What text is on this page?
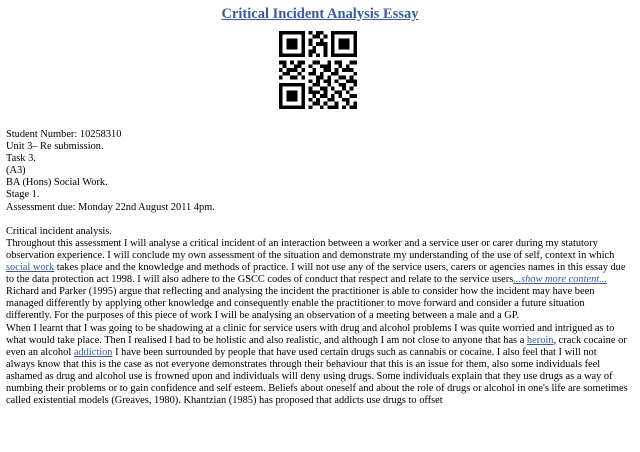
Critical Incident Analysis Essay
Student Number: 10258310
Unit 3– Re submission.
Task 3.
(A3)
BA (Hons) Social Work.
Stage 1.
Assessment due: Monday 22nd August 2011 4pm.
Critical incident analysis.
Throughout this assessment I will analyse a critical incident of an interaction between a worker and a service user or carer during my statutory
observation experience. I will conclude my own assessment of the situation and demonstrate my understanding of the use of self, context in which
social work takes place and the knowledge and methods of practice. I will not use any of the service users, carers or agencies names in this essay due
to the data protection act 1998. I will also adhere to the GSCC codes of conduct that respect and relate to the service users...show more content...
Richard and Parker (1995) argue that reflecting and analysing the incident the practitioner is able to consider how the incident may have been
managed differently by applying other knowledge and consequently enable the practitioner to move forward and consider a future situation
differently. For the purposes of this piece of work I will be analysing an observation of a meeting between a male and a GP.
When I learnt that I was going to be shadowing at a clinic for service users with drug and alcohol problems I was quite worried and intrigued as to
what would take place. Then I realised I had to be holistic and also realistic, and although I am not close to anyone that has a heroin, crack cocaine or
even an alcohol addiction I have been surrounded by people that have used certain drugs such as cannabis or cocaine. I also feel that I will not
always know that this is the case as not everyone demonstrates through their behaviour that this is an issue for them, also some individuals feel
ashamed as drug and alcohol use is frowned upon and individuals will deny using drugs. Some individuals explain that they use drugs as a way of
numbing their problems or to gain confidence and self esteem. Beliefs about oneself and about the role of drugs or alcohol in one's life are sometimes
called existential models (Greaves, 1980). Khantzian (1985) has proposed that addicts use drugs to offset
